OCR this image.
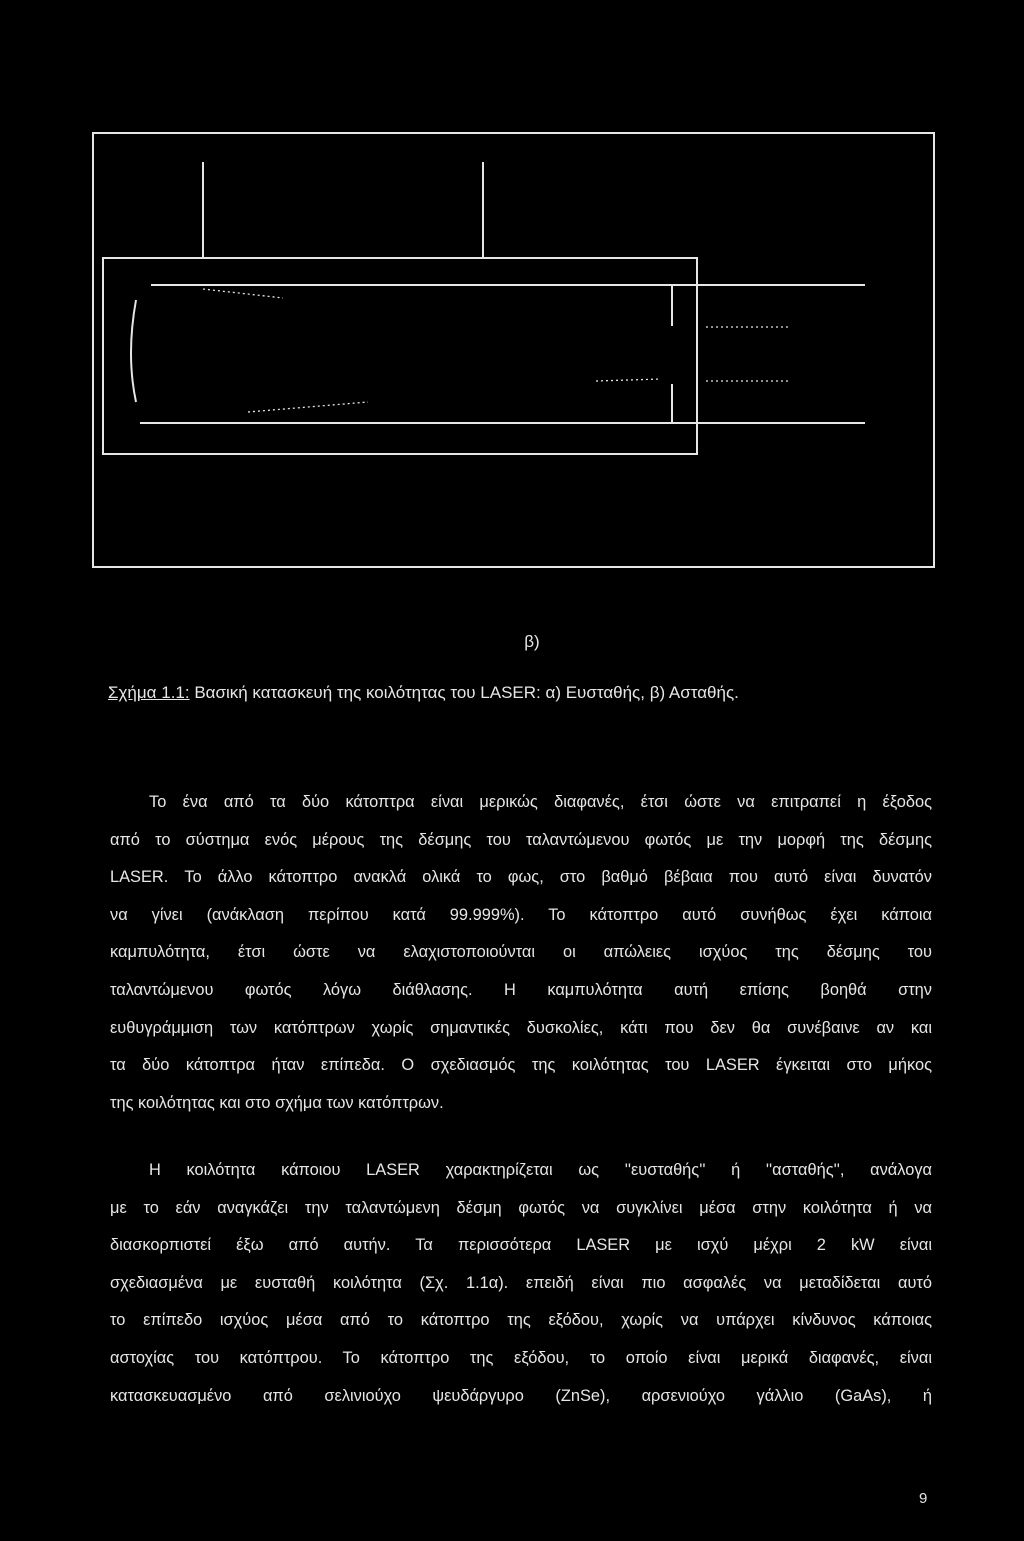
β)
Σχήμα 1.1: Βασική κατασκευή της κοιλότητας του LASER: α) Ευσταθής, β) Ασταθής.
Το ένα από τα δύο κάτοπτρα είναι μερικώς διαφανές, έτσι ώστε να επιτραπεί η έξοδος
από το σύστημα ενός μέρους της δέσμης του ταλαντώμενου φωτός με την μορφή της δέσμης
LASER. Το άλλο κάτοπτρο ανακλά ολικά το φως, στο βαθμό βέβαια που αυτό είναι δυνατόν
να γίνει (ανάκλαση περίπου κατά 99.999%). Το κάτοπτρο αυτό συνήθως έχει κάποια
καμπυλότητα, έτσι ώστε να ελαχιστοποιούνται οι απώλειες ισχύος της δέσμης του
ταλαντώμενου φωτός λόγω διάθλασης. Η καμπυλότητα αυτή επίσης βοηθά στην
ευθυγράμμιση των κατόπτρων χωρίς σημαντικές δυσκολίες, κάτι που δεν θα συνέβαινε αν και
τα δύο κάτοπτρα ήταν επίπεδα. Ο σχεδιασμός της κοιλότητας του LASER έγκειται στο μήκος
της κοιλότητας και στο σχήμα των κατόπτρων.
Η κοιλότητα κάποιου LASER χαρακτηρίζεται ως ''ευσταθής'' ή ''ασταθής'', ανάλογα
με το εάν αναγκάζει την ταλαντώμενη δέσμη φωτός να συγκλίνει μέσα στην κοιλότητα ή να
διασκορπιστεί έξω από αυτήν. Τα περισσότερα LASER με ισχύ μέχρι 2 kW είναι
σχεδιασμένα με ευσταθή κοιλότητα (Σχ. 1.1α). επειδή είναι πιο ασφαλές να μεταδίδεται αυτό
το επίπεδο ισχύος μέσα από το κάτοπτρο της εξόδου, χωρίς να υπάρχει κίνδυνος κάποιας
αστοχίας του κατόπτρου. Το κάτοπτρο της εξόδου, το οποίο είναι μερικά διαφανές, είναι
κατασκευασμένο από σελινιούχο ψευδάργυρο (ZnSe), αρσενιούχο γάλλιο (GaAs), ή
9
